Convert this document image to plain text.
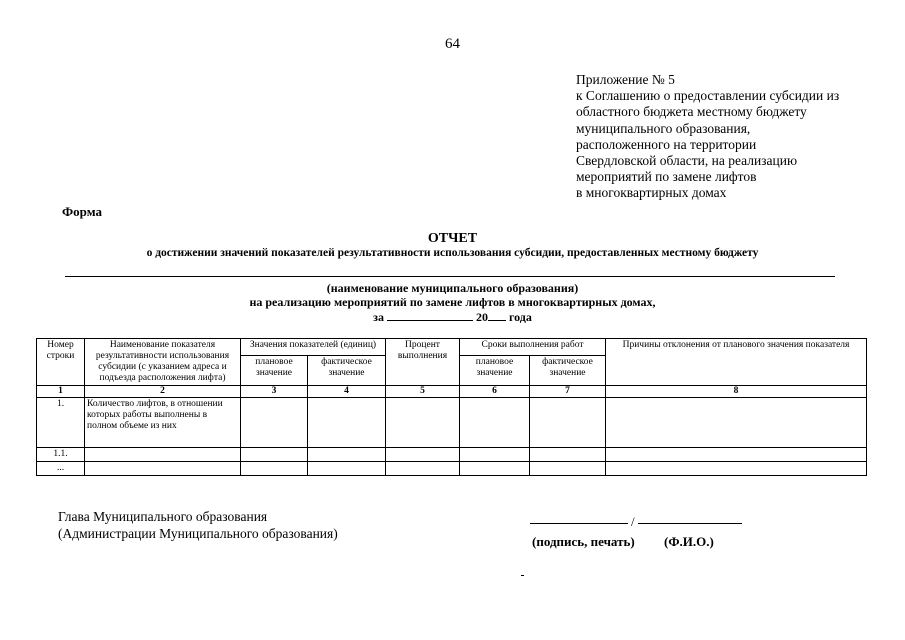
64
Приложение № 5
к Соглашению о предоставлении субсидии из
областного бюджета местному бюджету
муниципального образования,
расположенного на территории
Свердловской области, на реализацию
мероприятий по замене лифтов
в многоквартирных домах
Форма
ОТЧЕТ
о достижении значений показателей результативности использования субсидии, предоставленных местному бюджету
(наименование муниципального образования)
на реализацию мероприятий по замене лифтов в многоквартирных домах,
за	20 года
Номер строки	Наименование показателя результативности использования субсидии (с указанием адреса и подъезда расположения лифта)	Значения показателей (единиц)		Процент выполнения	Сроки выполнения работ		Причины отклонения от планового значения показателя
		плановое значение	фактическое значение		плановое значение	фактическое значение	
1	2	3	4	5	6	7	8
1.	Количество лифтов, в отношении которых работы выполнены в полном объеме из них						
1.1.							
...							
Глава Муниципального образования
(Администрации Муниципального образования)
/
(подпись, печать) (Ф.И.О.)
